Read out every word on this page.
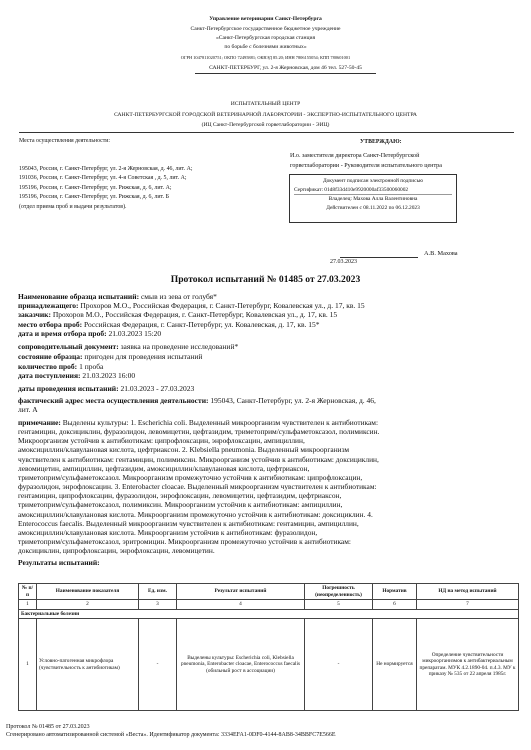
Управление ветеринарии Санкт-Петербурга
Санкт-Петербургское государственное бюджетное учреждение
«Санкт-Петербургская городская станция
по борьбе с болезнями животных»
ОГРН 1047811020751; ОКПО 72495881; ОКВЭД 85.20; ИНН 7806155054; КПП 780601001
САНКТ-ПЕТЕРБУРГ, ул. 2-я Жерновская, дом 46 тел. 527-50-45
ИСПЫТАТЕЛЬНЫЙ ЦЕНТР
САНКТ-ПЕТЕРБУРГСКОЙ ГОРОДСКОЙ ВЕТЕРИНАРНОЙ ЛАБОРАТОРИИ - ЭКСПЕРТНО-ИСПЫТАТЕЛЬНОГО ЦЕНТРА
(ИЦ Санкт-Петербургской горветлаборатории - ЭИЦ)
Места осуществления деятельности:
195043, Россия, г. Санкт-Петербург, ул. 2-я Жерновская, д. 46, лит. А;
191036, Россия, г. Санкт-Петербург, ул. 4-я Советская , д. 5, лит. А;
195196, Россия, г. Санкт-Петербург, ул. Рижская, д. 6, лит. А;
195196, Россия, г. Санкт-Петербург, ул. Рижская, д. 6, лит. Б
(отдел приема проб и выдачи результатов).
УТВЕРЖДАЮ:
И.о. заместителя директора Санкт-Петербургской
горветлаборатории - Руководителя испытательного центра
Документ подписан электронной подписью
Сертификат: 01d8f33d410e9920000af33500060002
Владелец: Махова Алла Валентиновна
Действителен с 08.11.2022 по 06.12.2023
А.В. Махова
27.03.2023
Протокол испытаний № 01485 от 27.03.2023
Наименование образца испытаний: смыв из зева от голубя*
принадлежащего: Прохоров М.О., Российская Федерация, г. Санкт-Петербург, Ковалевская ул., д. 17, кв. 15
заказчик: Прохоров М.О., Российская Федерация, г. Санкт-Петербург, Ковалевская ул., д. 17, кв. 15
место отбора проб: Российская Федерация, г. Санкт-Петербург, ул. Ковалевская, д. 17, кв. 15*
дата и время отбора проб: 21.03.2023 15:20
сопроводительный документ: заявка на проведение исследований*
состояние образца: пригоден для проведения испытаний
количество проб: 1 проба
дата поступления: 21.03.2023 16:00
даты проведения испытаний: 21.03.2023 - 27.03.2023
фактический адрес места осуществления деятельности: 195043, Санкт-Петербург, ул. 2-я Жерновская, д. 46,
лит. А
примечание: Выделены культуры: 1. Escherichia coli. Выделенный микроорганизм чувствителен к антибиотикам:
гентамицин, доксициклин, фуразолидон, левомицетин, цефтазидим, триметоприм/сульфаметоксазол, полимиксин.
Микроорганизм устойчив к антибиотикам: ципрофлоксацин, энрофлоксацин, ампициллин,
амоксициллин/клавулановая кислота, цефтриаксон. 2. Klebsiella pneumonia. Выделенный микроорганизм
чувствителен к антибиотикам: гентамицин, полимиксин. Микроорганизм устойчив к антибиотикам: доксициклин,
левомицетин, ампициллин, цефтазидим, амоксициллин/клавулановая кислота, цефтриаксон,
триметоприм/сульфаметоксазол. Микроорганизм промежуточно устойчив к антибиотикам: ципрофлоксацин,
фуразолидон, энрофлоксацин. 3. Enterobacter cloacae. Выделенный микроорганизм чувствителен к антибиотикам:
гентамицин, ципрофлоксацин, фуразолидон, энрофлоксацин, левомицетин, цефтазидим, цефтриаксон,
триметоприм/сульфаметоксазол, полимиксин. Микроорганизм устойчив к антибиотикам: ампициллин,
амоксициллин/клавулановая кислота. Микроорганизм промежуточно устойчив к антибиотикам: доксициклин. 4.
Enterococcus faecalis. Выделенный микроорганизм чувствителен к антибиотикам: гентамицин, ампициллин,
амоксициллин/клавулановая кислота. Микроорганизм устойчив к антибиотикам: фуразолидон,
триметоприм/сульфаметоксазол, эритромицин. Микроорганизм промежуточно устойчив к антибиотикам:
доксициклин, ципрофлоксацин, энрофлоксацин, левомицетин.
Результаты испытаний:
№ п/п	Наименование показателя	Ед. изм.	Результат испытаний	Погрешность (неопределенность)	Норматив	НД на метод испытаний
1	2	3	4	5	6	7
Бактериальные болезни						
1	Условно-патогенная микрофлора (чувствительность к антибиотикам)	-	Выделены культуры: Escherichia coli, Klebsiella pneumonia, Enterobacter cloacae, Enterococcus faecalis (обильный рост в ассоциации)	-	Не нормируется	Определение чувствительности микроорганизмов к антибактериальным препаратам. МУК 4.2.1890-04. п.4.3. МУ к приказу № 535 от 22 апреля 1985г.
Протокол № 01485 от 27.03.2023
Сгенерировано автоматизированной системой «Веста». Идентификатор документа: 3334EFA1-0DF0-4144-8AB8-34BBFC7E566E
